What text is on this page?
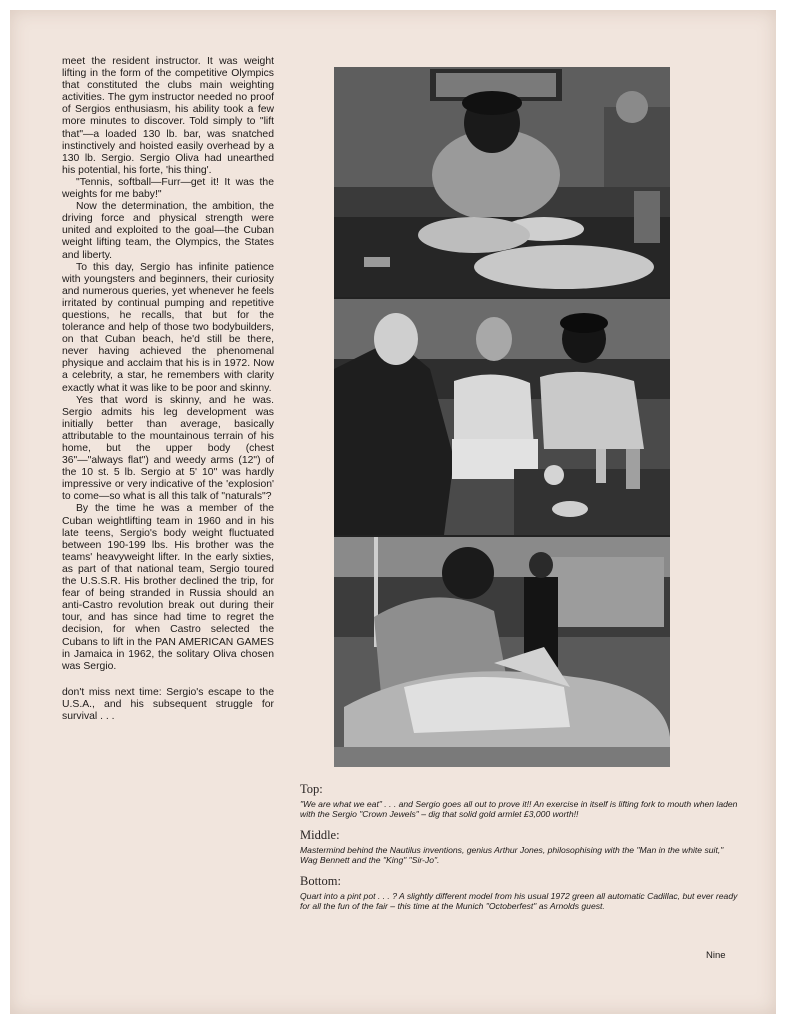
meet the resident instructor. It was weight lifting in the form of the competitive Olympics that constituted the clubs main weighting activities. The gym instructor needed no proof of Sergios enthusiasm, his ability took a few more minutes to discover. Told simply to "lift that"—a loaded 130 lb. bar, was snatched instinctively and hoisted easily overhead by a 130 lb. Sergio. Sergio Oliva had unearthed his potential, his forte, 'his thing'.

"Tennis, softball—Furr—get it! It was the weights for me baby!"

Now the determination, the ambition, the driving force and physical strength were united and exploited to the goal—the Cuban weight lifting team, the Olympics, the States and liberty.

To this day, Sergio has infinite patience with youngsters and beginners, their curiosity and numerous queries, yet whenever he feels irritated by continual pumping and repetitive questions, he recalls, that but for the tolerance and help of those two bodybuilders, on that Cuban beach, he'd still be there, never having achieved the phenomenal physique and acclaim that his is in 1972. Now a celebrity, a star, he remembers with clarity exactly what it was like to be poor and skinny.

Yes that word is skinny, and he was. Sergio admits his leg development was initially better than average, basically attributable to the mountainous terrain of his home, but the upper body (chest 36"—"always flat") and weedy arms (12") of the 10 st. 5 lb. Sergio at 5' 10" was hardly impressive or very indicative of the 'explosion' to come—so what is all this talk of "naturals"?

By the time he was a member of the Cuban weightlifting team in 1960 and in his late teens, Sergio's body weight fluctuated between 190-199 lbs. His brother was the teams' heavyweight lifter. In the early sixties, as part of that national team, Sergio toured the U.S.S.R. His brother declined the trip, for fear of being stranded in Russia should an anti-Castro revolution break out during their tour, and has since had time to regret the decision, for when Castro selected the Cubans to lift in the PAN AMERICAN GAMES in Jamaica in 1962, the solitary Oliva chosen was Sergio.

don't miss next time: Sergio's escape to the U.S.A., and his subsequent struggle for survival . . .

Top:

"We are what we eat" . . . and Sergio goes all out to prove it!! An exercise in itself is lifting fork to mouth when laden with the Sergio "Crown Jewels" – dig that solid gold armlet £3,000 worth!!

Middle:

Mastermind behind the Nautilus inventions, genius Arthur Jones, philosophising with the "Man in the white suit," Wag Bennett and the "King" "Sir-Jo".

Bottom:

Quart into a pint pot . . . ? A slightly different model from his usual 1972 green all automatic Cadillac, but ever ready for all the fun of the fair – this time at the Munich "Octoberfest" as Arnolds guest.

Nine
